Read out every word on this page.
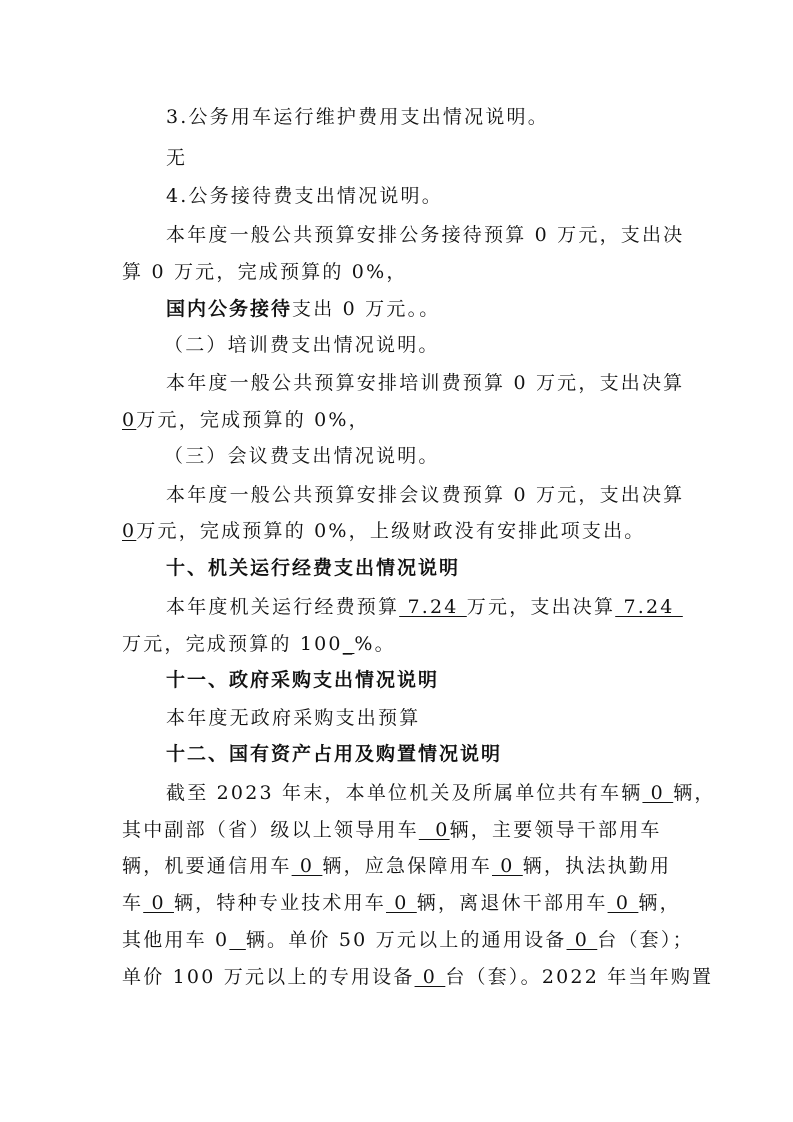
3.公务用车运行维护费用支出情况说明。
无
4.公务接待费支出情况说明。
本年度一般公共预算安排公务接待预算 0 万元，支出决
算 0 万元，完成预算的 0%，
国内公务接待支出 0 万元。。
（二）培训费支出情况说明。
本年度一般公共预算安排培训费预算 0 万元，支出决算
0万元，完成预算的 0%，
（三）会议费支出情况说明。
本年度一般公共预算安排会议费预算 0 万元，支出决算
0万元，完成预算的 0%，上级财政没有安排此项支出。
十、机关运行经费支出情况说明
本年度机关运行经费预算 7.24 万元，支出决算 7.24
万元，完成预算的 100_%。
十一、政府采购支出情况说明
本年度无政府采购支出预算
十二、国有资产占用及购置情况说明
截至 2023 年末，本单位机关及所属单位共有车辆 0 辆，
其中副部（省）级以上领导用车  0辆，主要领导干部用车
辆，机要通信用车 0 辆，应急保障用车 0 辆，执法执勤用
车 0 辆，特种专业技术用车 0 辆，离退休干部用车 0 辆，
其他用车 0 辆。单价 50 万元以上的通用设备 0 台（套）；
单价 100 万元以上的专用设备 0 台（套）。2022 年当年购置
